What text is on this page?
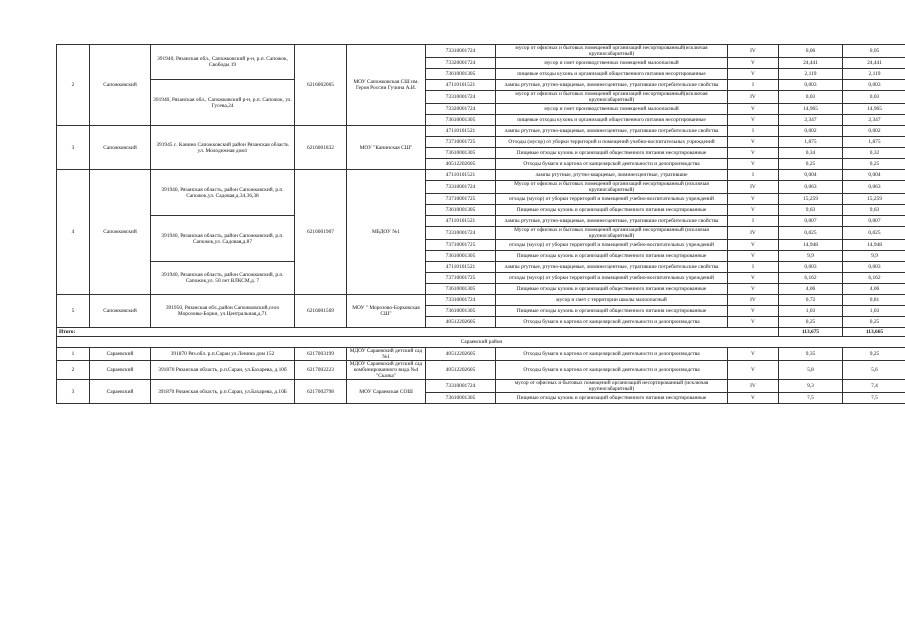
2	Сапожковский	391940, Рязанская обл., Сапожковский р-н, р.п. Сапожок, Свободы 19	6216002065	МОУ Сапожковская СШ им. Героя России Гучина А.И.	73310001724	мусор от офисных и бытовых помещений организаций несортированный(исключая крупногабаритный)	IV	0,06	0,05
					73320001724	мусор и смет производственных помещений малоопасный	V	24,441	24,441
					73610001305	пищевые отходы кухонь и организаций общественного питания несортированные	V	2,119	2,119
		391940, Рязанская обл., Сапожковский р-н, р.п. Сапожок, ул. Гусева,24			47110101521	лампы ртутные, ртутно-кварцевые, люминесцентные, утратившие потребительские свойства	I	0,003	0,003
					73310001724	мусор от офисных и бытовых помещений организаций несортированный(исключая крупногабаритный)	IV	0,03	0,03
					73320001724	мусор и смет производственных помещений малоопасный	V	14,965	14,965
					73610001305	пищевые отходы кухонь и организаций общественного питания несортированные	V	2,347	2,347
3	Сапожковский	391945 с. Канино Сапожковский район Рязанская область ул. Молодежная дом1	6216001832	МОУ "Канинская СШ"	47110101521	лампы ртутные, ртутно-кварцевые, люминесцентные, утратившие потребительские свойства	I	0,002	0,002
					73710001725	Отходы (мусор) от уборки территорий и помещений учебно-воспитательных учреждений	V	1,875	1,875
					73610001305	Пищевые отходы кухонь и организаций общественного питания несортированные	V	0,34	0,32
					40512202605	Отходы бумаги и картона от канцелярской деятельности и делопроизводства	V	0,25	0,25
4	Сапожковский	391940, Рязанская область, район Сапожковский, р.п. Сапожок,ул. Садовая,д.34,36,38	6216001907	МБДОУ №1	47110101521	лампы ртутные, ртутно-кварцевые, люминесцентные, утратившие	I	0,004	0,004
					73310001724	Мусор от офисных и бытовых помещений организаций несортированный (исключая крупногабаритный)	IV	0,063	0,063
					73710001725	отходы (мусор) от уборки территорий и помещений учебно-воспитательных учреждений	V	15,259	15,259
					73610001305	Пищевые отходы кухонь и организаций общественного питания несортированные	V	9,63	9,63
		391940, Рязанская область, район Сапожковский, р.п. Сапожок,ул. Садовая,д.87			47110101521	лампы ртутные, ртутно-кварцевые, люминесцентные, утратившие потребительские свойства	I	0,007	0,007
					73310001724	Мусор от офисных и бытовых помещений организаций несортированный (исключая крупногабаритный)	IV	0,025	0,025
					73710001725	отходы (мусор) от уборки территорий и помещений учебно-воспитательных учреждений	V	14,948	14,948
					73610001305	Пищевые отходы кухонь и организаций общественного питания несортированные	V	9,9	9,9
		391940, Рязанская область, район Сапожковский, р.п. Сапожок,ул. 50 лет ВЛКСМ,д. 7			47110101521	лампы ртутные, ртутно-кварцевые, люминесцентные, утратившие потребительские свойства	I	0,003	0,003
					73710001725	отходы (мусор) от уборки территорий и помещений учебно-воспитательных учреждений	V	6,162	6,162
					73610001305	Пищевые отходы кухонь и организаций общественного питания несортированные	V	4,06	4,06
5	Сапожковский	391950, Рязанская обл.,район Сапожковский,село Морозовы-Борки, ул.Центральная,д.71	6216001569	МОУ " Морозово-Борковская СШ"	73310001724	мусор и смет с территории школы малоопасный	IV	0,72	0,81
					73610001305	Пищевые отходы кухонь и организаций общественного питания несортированные	V	1,03	1,03
					40512202605	Отходы бумаги и картона от канцелярской деятельности и делопроизводства	V	0,25	0,25
Итого:								113,675	113,665
Сараевский район									
1	Сараевский	391870 Ряз.обл. р.п.Сараи ул.Ленина дом 152	6217003199	МДОУ Сараевский детский сад №1	40512202605	Отходы бумаги и картона от канцелярской деятельности и делопроизводства	V	9,35	9,25
2	Сараевский	391870 Рязанская область, р.п.Сараи, ул.Бахарева, д.10б	6217002223	МДОУ Сараевский детский сад комбинированного вида №4 "Сказка"	40512202605	Отходы бумаги и картона от канцелярской деятельности и делопроизводства	V	5,8	5,6
3	Сараевский	391870 Рязанская область, р.п.Сараи, ул.Бахарева, д.10Б	6217002798	МОУ Сараевская СОШ	73310001724	мусор от офисных и бытовых помещений организаций несортированный (исключая крупногабаритный)	IV	9,3	7,4
					73610001305	Пищевые отходы кухонь и организаций общественного питания несортированные	V	7,5	7,5
